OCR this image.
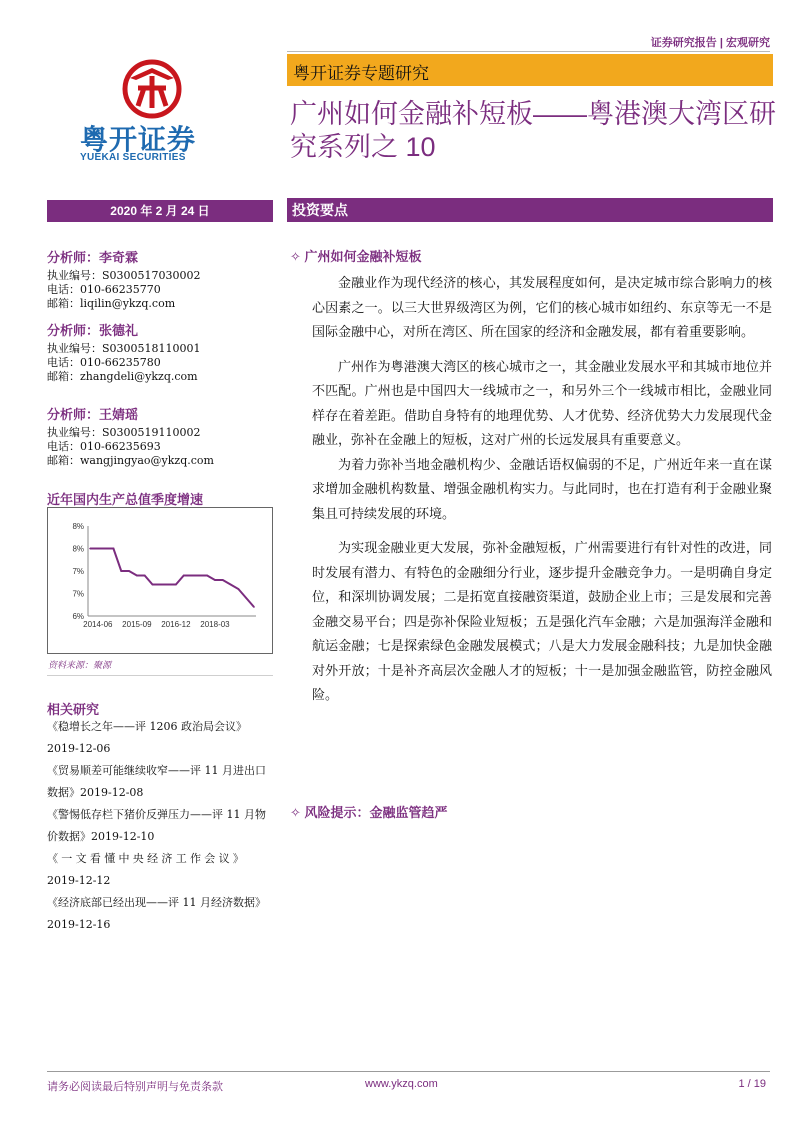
证券研究报告 | 宏观研究
粤开证券
YUEKAI SECURITIES
粤开证券专题研究
广州如何金融补短板——粤港澳大湾区研究系列之 10
2020 年 2 月 24 日	投资要点
分析师：李奇霖
执业编号：S0300517030002
电话：010-66235770
邮箱：liqilin@ykzq.com
分析师：张德礼
执业编号：S0300518110001
电话：010-66235780
邮箱：zhangdeli@ykzq.com
分析师：王婧瑶
执业编号：S0300519110002
电话：010-66235693
邮箱：wangjingyao@ykzq.com
近年国内生产总值季度增速
8%
8%
7%
7%
6%
2014-06 2015-09 2016-12 2018-03
资料来源：聚源
相关研究
《稳增长之年——评 1206 政治局会议》
2019-12-06
《贸易顺差可能继续收窄——评 11 月进出口数据》2019-12-08
《警惕低存栏下猪价反弹压力——评 11 月物价数据》2019-12-10
《一文看懂中央经济工作会议》
2019-12-12
《经济底部已经出现——评 11 月经济数据》2019-12-16
✧ 广州如何金融补短板

金融业作为现代经济的核心，其发展程度如何，是决定城市综合影响力的核心因素之一。以三大世界级湾区为例，它们的核心城市如纽约、东京等无一不是国际金融中心，对所在湾区、所在国家的经济和金融发展，都有着重要影响。

广州作为粤港澳大湾区的核心城市之一，其金融业发展水平和其城市地位并不匹配。广州也是中国四大一线城市之一，和另外三个一线城市相比，金融业同样存在着差距。借助自身特有的地理优势、人才优势、经济优势大力发展现代金融业，弥补在金融上的短板，这对广州的长远发展具有重要意义。

为着力弥补当地金融机构少、金融话语权偏弱的不足，广州近年来一直在谋求增加金融机构数量、增强金融机构实力。与此同时，也在打造有利于金融业聚集且可持续发展的环境。

为实现金融业更大发展，弥补金融短板，广州需要进行有针对性的改进，同时发展有潜力、有特色的金融细分行业，逐步提升金融竞争力。一是明确自身定位，和深圳协调发展；二是拓宽直接融资渠道，鼓励企业上市；三是发展和完善金融交易平台；四是弥补保险业短板；五是强化汽车金融；六是加强海洋金融和航运金融；七是探索绿色金融发展模式；八是大力发展金融科技；九是加快金融对外开放；十是补齐高层次金融人才的短板；十一是加强金融监管，防控金融风险。

✧ 风险提示：金融监管趋严
请务必阅读最后特别声明与免责条款	www.ykzq.com	1 / 19
